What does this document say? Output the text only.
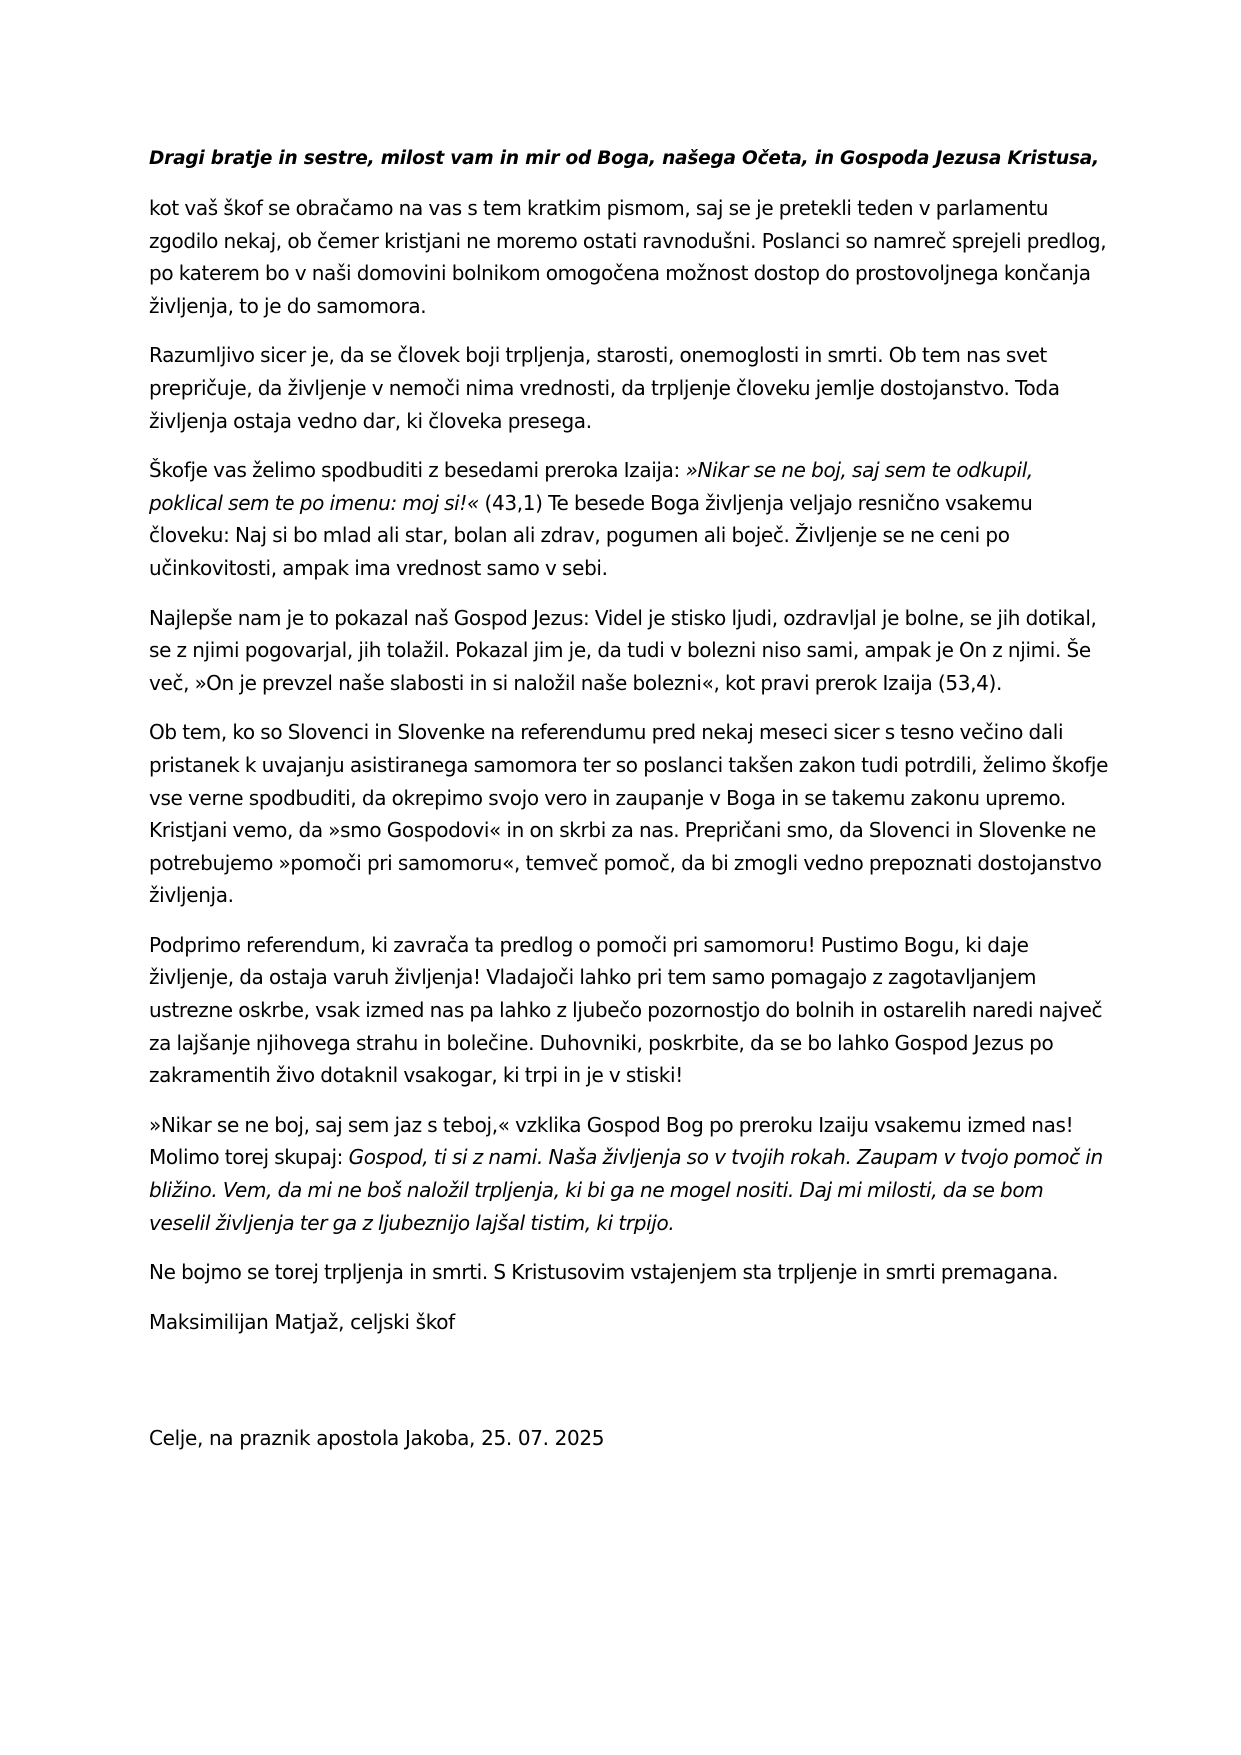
Dragi bratje in sestre, milost vam in mir od Boga, našega Očeta, in Gospoda Jezusa Kristusa,

kot vaš škof se obračamo na vas s tem kratkim pismom, saj se je pretekli teden v parlamentu zgodilo nekaj, ob čemer kristjani ne moremo ostati ravnodušni. Poslanci so namreč sprejeli predlog, po katerem bo v naši domovini bolnikom omogočena možnost dostop do prostovoljnega končanja življenja, to je do samomora.

Razumljivo sicer je, da se človek boji trpljenja, starosti, onemoglosti in smrti. Ob tem nas svet prepričuje, da življenje v nemoči nima vrednosti, da trpljenje človeku jemlje dostojanstvo. Toda življenja ostaja vedno dar, ki človeka presega.

Škofje vas želimo spodbuditi z besedami preroka Izaija: »Nikar se ne boj, saj sem te odkupil, poklical sem te po imenu: moj si!« (43,1) Te besede Boga življenja veljajo resnično vsakemu človeku: Naj si bo mlad ali star, bolan ali zdrav, pogumen ali boječ. Življenje se ne ceni po učinkovitosti, ampak ima vrednost samo v sebi.

Najlepše nam je to pokazal naš Gospod Jezus: Videl je stisko ljudi, ozdravljal je bolne, se jih dotikal, se z njimi pogovarjal, jih tolažil. Pokazal jim je, da tudi v bolezni niso sami, ampak je On z njimi. Še več, »On je prevzel naše slabosti in si naložil naše bolezni«, kot pravi prerok Izaija (53,4).

Ob tem, ko so Slovenci in Slovenke na referendumu pred nekaj meseci sicer s tesno večino dali pristanek k uvajanju asistiranega samomora ter so poslanci takšen zakon tudi potrdili, želimo škofje vse verne spodbuditi, da okrepimo svojo vero in zaupanje v Boga in se takemu zakonu upremo. Kristjani vemo, da »smo Gospodovi« in on skrbi za nas. Prepričani smo, da Slovenci in Slovenke ne potrebujemo »pomoči pri samomoru«, temveč pomoč, da bi zmogli vedno prepoznati dostojanstvo življenja.

Podprimo referendum, ki zavrača ta predlog o pomoči pri samomoru! Pustimo Bogu, ki daje življenje, da ostaja varuh življenja! Vladajoči lahko pri tem samo pomagajo z zagotavljanjem ustrezne oskrbe, vsak izmed nas pa lahko z ljubečo pozornostjo do bolnih in ostarelih naredi največ za lajšanje njihovega strahu in bolečine. Duhovniki, poskrbite, da se bo lahko Gospod Jezus po zakramentih živo dotaknil vsakogar, ki trpi in je v stiski!

»Nikar se ne boj, saj sem jaz s teboj,« vzklika Gospod Bog po preroku Izaiju vsakemu izmed nas! Molimo torej skupaj: Gospod, ti si z nami. Naša življenja so v tvojih rokah. Zaupam v tvojo pomoč in bližino. Vem, da mi ne boš naložil trpljenja, ki bi ga ne mogel nositi. Daj mi milosti, da se bom veselil življenja ter ga z ljubeznijo lajšal tistim, ki trpijo.

Ne bojmo se torej trpljenja in smrti. S Kristusovim vstajenjem sta trpljenje in smrti premagana.

Maksimilijan Matjaž, celjski škof

Celje, na praznik apostola Jakoba, 25. 07. 2025
